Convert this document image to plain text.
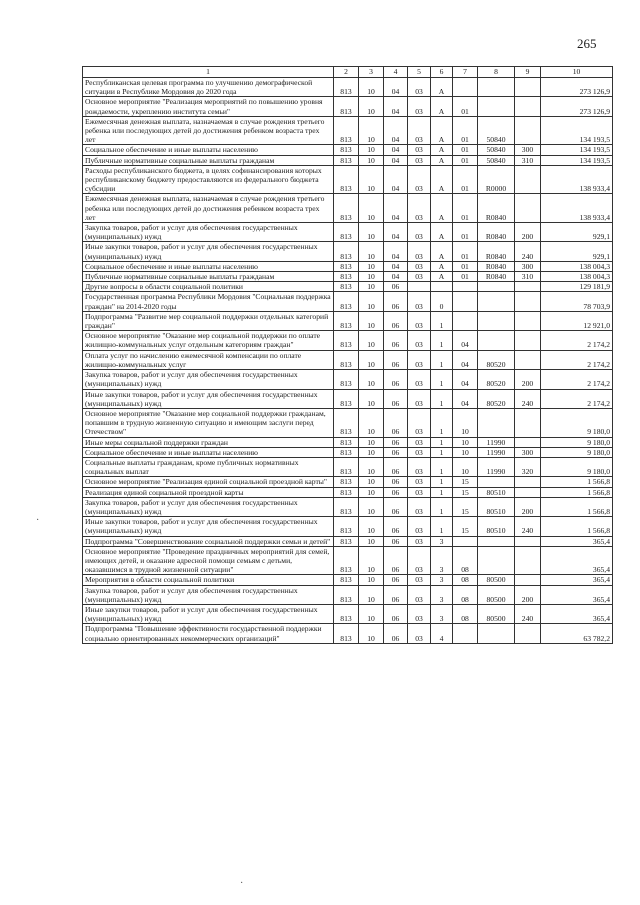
265
1	2	3	4	5	6	7	8	9	10
Республиканская целевая программа по улучшению демографической ситуации в Республике Мордовия до 2020 года	813	10	04	03	А				273 126,9
Основное мероприятие "Реализация мероприятий по повышению уровня рождаемости, укреплению института семьи"	813	10	04	03	А	01			273 126,9
Ежемесячная денежная выплата, назначаемая в случае рождения третьего ребенка или последующих детей до достижения ребенком возраста трех лет	813	10	04	03	А	01	50840		134 193,5
Социальное обеспечение и иные выплаты населению	813	10	04	03	А	01	50840	300	134 193,5
Публичные нормативные социальные выплаты гражданам	813	10	04	03	А	01	50840	310	134 193,5
Расходы республиканского бюджета, в целях софинансирования которых республиканскому бюджету предоставляются из федерального бюджета субсидии	813	10	04	03	А	01	R0000		138 933,4
Ежемесячная денежная выплата, назначаемая в случае рождения третьего ребенка или последующих детей до достижения ребенком возраста трех лет	813	10	04	03	А	01	R0840		138 933,4
Закупка товаров, работ и услуг для обеспечения государственных (муниципальных) нужд	813	10	04	03	А	01	R0840	200	929,1
Иные закупки товаров, работ и услуг для обеспечения государственных (муниципальных) нужд	813	10	04	03	А	01	R0840	240	929,1
Социальное обеспечение и иные выплаты населению	813	10	04	03	А	01	R0840	300	138 004,3
Публичные нормативные социальные выплаты гражданам	813	10	04	03	А	01	R0840	310	138 004,3
Другие вопросы в области социальной политики	813	10	06						129 181,9
Государственная программа Республики Мордовия "Социальная поддержка граждан" на 2014-2020 годы	813	10	06	03	0				78 703,9
Подпрограмма "Развитие мер социальной поддержки отдельных категорий граждан"	813	10	06	03	1				12 921,0
Основное мероприятие "Оказание мер социальной поддержки по оплате жилищно-коммунальных услуг отдельным категориям граждан"	813	10	06	03	1	04			2 174,2
Оплата услуг по начислению ежемесячной компенсации по оплате жилищно-коммунальных услуг	813	10	06	03	1	04	80520		2 174,2
Закупка товаров, работ и услуг для обеспечения государственных (муниципальных) нужд	813	10	06	03	1	04	80520	200	2 174,2
Иные закупки товаров, работ и услуг для обеспечения государственных (муниципальных) нужд	813	10	06	03	1	04	80520	240	2 174,2
Основное мероприятие "Оказание мер социальной поддержки гражданам, попавшим в трудную жизненную ситуацию и имеющим заслуги перед Отечеством"	813	10	06	03	1	10			9 180,0
Иные меры социальной поддержки граждан	813	10	06	03	1	10	11990		9 180,0
Социальное обеспечение и иные выплаты населению	813	10	06	03	1	10	11990	300	9 180,0
Социальные выплаты гражданам, кроме публичных нормативных социальных выплат	813	10	06	03	1	10	11990	320	9 180,0
Основное мероприятие "Реализация единой социальной проездной карты"	813	10	06	03	1	15			1 566,8
Реализация единой социальной проездной карты	813	10	06	03	1	15	80510		1 566,8
Закупка товаров, работ и услуг для обеспечения государственных (муниципальных) нужд	813	10	06	03	1	15	80510	200	1 566,8
Иные закупки товаров, работ и услуг для обеспечения государственных (муниципальных) нужд	813	10	06	03	1	15	80510	240	1 566,8
Подпрограмма "Совершенствование социальной поддержки семьи и детей"	813	10	06	03	3				365,4
Основное мероприятие "Проведение праздничных мероприятий для семей, имеющих детей, и оказание адресной помощи семьям с детьми, оказавшимся в трудной жизненной ситуации"	813	10	06	03	3	08			365,4
Мероприятия в области социальной политики	813	10	06	03	3	08	80500		365,4
Закупка товаров, работ и услуг для обеспечения государственных (муниципальных) нужд	813	10	06	03	3	08	80500	200	365,4
Иные закупки товаров, работ и услуг для обеспечения государственных (муниципальных) нужд	813	10	06	03	3	08	80500	240	365,4
Подпрограмма "Повышение эффективности государственной поддержки социально ориентированных некоммерческих организаций"	813	10	06	03	4				63 782,2
·
·
